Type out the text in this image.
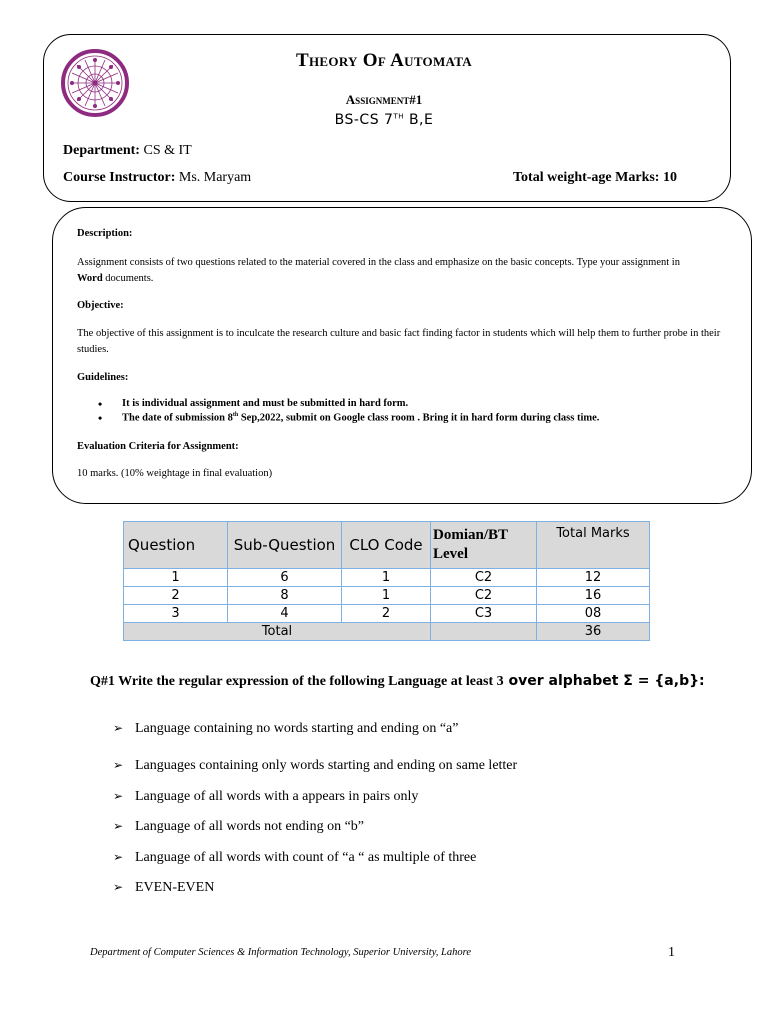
Theory Of Automata
Assignment#1
BS-CS 7TH B,E
Department: CS & IT
Course Instructor: Ms. Maryam	Total weight-age Marks: 10
Description:
Assignment consists of two questions related to the material covered in the class and emphasize on the basic concepts. Type your assignment in
Word documents.
Objective:
The objective of this assignment is to inculcate the research culture and basic fact finding factor in students which will help them to further probe in their studies.
Guidelines:
• It is individual assignment and must be submitted in hard form.
• The date of submission 8th Sep,2022, submit on Google class room . Bring it in hard form during class time.
Evaluation Criteria for Assignment:
10 marks. (10% weightage in final evaluation)
Question	Sub-Question	CLO Code	Domian/BT Level	Total Marks
1	6	1	C2	12
2	8	1	C2	16
3	4	2	C3	08
Total				36
Q#1 Write the regular expression of the following Language at least 3 over alphabet Σ = {a,b}:
➢ Language containing no words starting and ending on “a”
➢ Languages containing only words starting and ending on same letter
➢ Language of all words with a appears in pairs only
➢ Language of all words not ending on “b”
➢ Language of all words with count of “a “ as multiple of three
➢ EVEN-EVEN
Department of Computer Sciences & Information Technology, Superior University, Lahore	1
